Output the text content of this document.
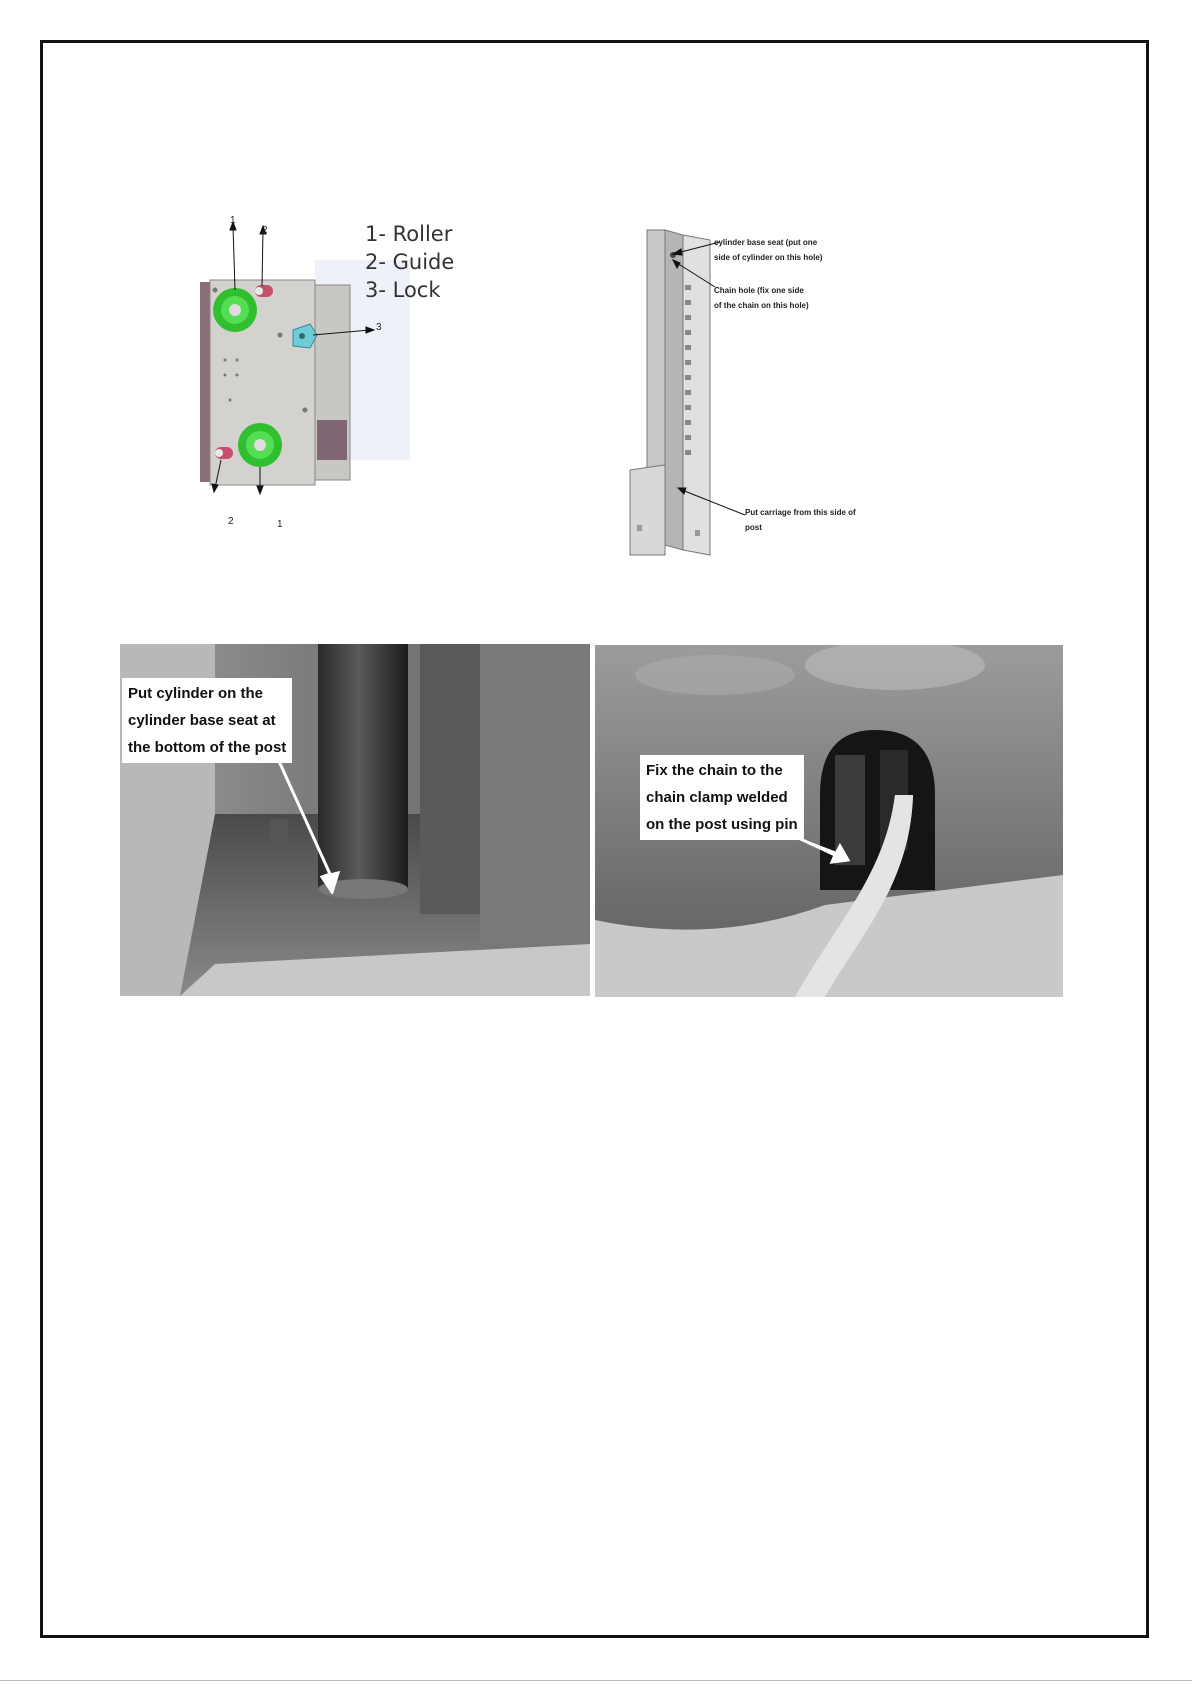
1
2
3
1
2
1- Roller
2- Guide
3- Lock
cylinder base seat (put one
side of cylinder on this hole)
Chain hole (fix one side
of the chain on this hole)
Put carriage from this side of
post
Put cylinder on the
cylinder base seat at
the bottom of the post
Fix the chain to the
chain clamp welded
on the post using pin
